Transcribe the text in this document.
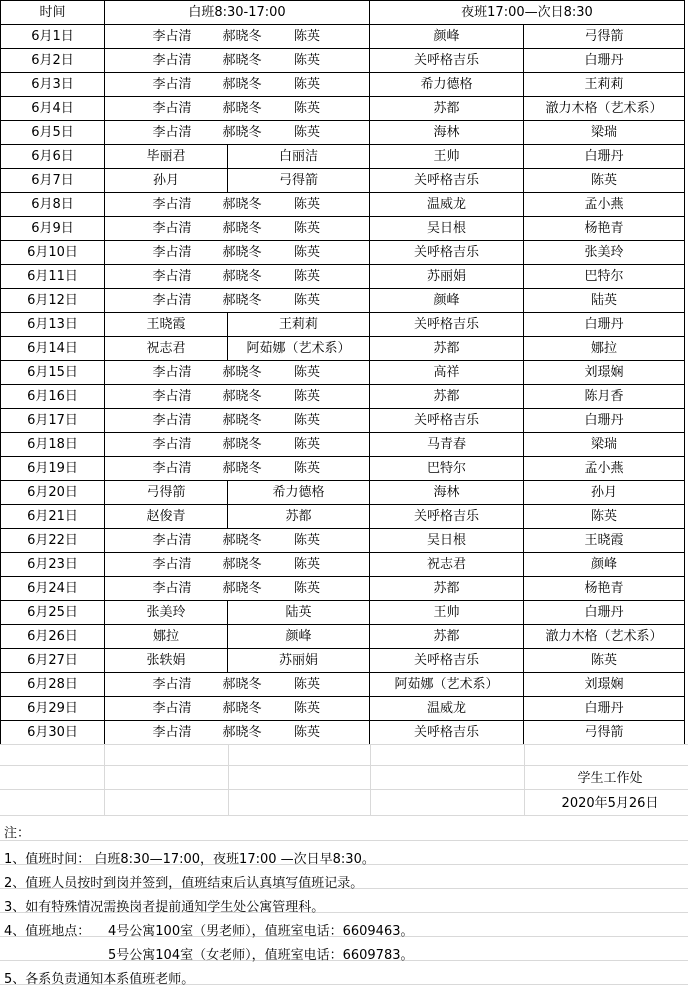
时间	白班8:30-17:00		夜班17:00—次日8:30	
6月1日	李占清 郝晓冬 陈英		颜峰	弓得箭
6月2日	李占清 郝晓冬 陈英		关呼格吉乐	白珊丹
6月3日	李占清 郝晓冬 陈英		希力德格	王莉莉
6月4日	李占清 郝晓冬 陈英		苏都	澈力木格（艺术系）
6月5日	李占清 郝晓冬 陈英		海林	梁瑞
6月6日	毕丽君	白丽洁	王帅	白珊丹
6月7日	孙月	弓得箭	关呼格吉乐	陈英
6月8日	李占清 郝晓冬 陈英		温威龙	孟小燕
6月9日	李占清 郝晓冬 陈英		吴日根	杨艳青
6月10日	李占清 郝晓冬 陈英		关呼格吉乐	张美玲
6月11日	李占清 郝晓冬 陈英		苏丽娟	巴特尔
6月12日	李占清 郝晓冬 陈英		颜峰	陆英
6月13日	王晓霞	王莉莉	关呼格吉乐	白珊丹
6月14日	祝志君	阿茹娜（艺术系）	苏都	娜拉
6月15日	李占清 郝晓冬 陈英		高祥	刘璟娴
6月16日	李占清 郝晓冬 陈英		苏都	陈月香
6月17日	李占清 郝晓冬 陈英		关呼格吉乐	白珊丹
6月18日	李占清 郝晓冬 陈英		马青春	梁瑞
6月19日	李占清 郝晓冬 陈英		巴特尔	孟小燕
6月20日	弓得箭	希力德格	海林	孙月
6月21日	赵俊青	苏都	关呼格吉乐	陈英
6月22日	李占清 郝晓冬 陈英		吴日根	王晓霞
6月23日	李占清 郝晓冬 陈英		祝志君	颜峰
6月24日	李占清 郝晓冬 陈英		苏都	杨艳青
6月25日	张美玲	陆英	王帅	白珊丹
6月26日	娜拉	颜峰	苏都	澈力木格（艺术系）
6月27日	张轶娟	苏丽娟	关呼格吉乐	陈英
6月28日	李占清 郝晓冬 陈英		阿茹娜（艺术系）	刘璟娴
6月29日	李占清 郝晓冬 陈英		温威龙	白珊丹
6月30日	李占清 郝晓冬 陈英		关呼格吉乐	弓得箭
学生工作处
2020年5月26日
注：
1、值班时间： 白班8:30—17:00，夜班17:00 —次日早8:30。
2、值班人员按时到岗并签到，值班结束后认真填写值班记录。
3、如有特殊情况需换岗者提前通知学生处公寓管理科。
4、值班地点： 4号公寓100室（男老师），值班室电话：6609463。
5号公寓104室（女老师），值班室电话：6609783。
5、各系负责通知本系值班老师。
